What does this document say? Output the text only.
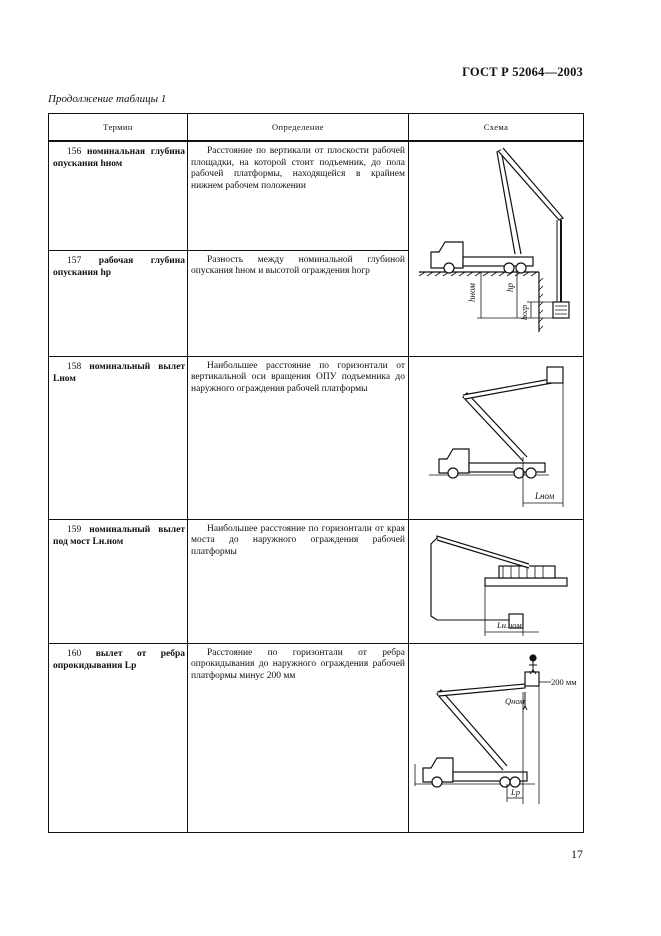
ГОСТ Р 52064—2003
Продолжение таблицы 1
Термин	Определение	Схема
156 номинальная глубина опускания hном	Расстояние по вертикали от плоскости рабочей площадки, на которой стоит подъемник, до пола рабочей платформы, находящейся в крайнем нижнем рабочем положении	hном hр
hогр

157 рабочая глубина опускания hр	Разность между номинальной глубиной опускания hном и высотой ограждения hогр	

158 номинальный вылет Lном	Наибольшее расстояние по горизонтали от вертикальной оси вращения ОПУ подъемника до наружного ограждения рабочей платформы	Lном

159 номинальный вылет под мост Lн.ном	Наибольшее расстояние по горизонтали от края моста до наружного ограждения рабочей платформы	Lн.ном

160 вылет от ребра опрокидывания Lр	Расстояние по горизонтали от ребра опрокидывания до наружного ограждения рабочей платформы минус 200 мм	200 мм
Qном
Lр
17
